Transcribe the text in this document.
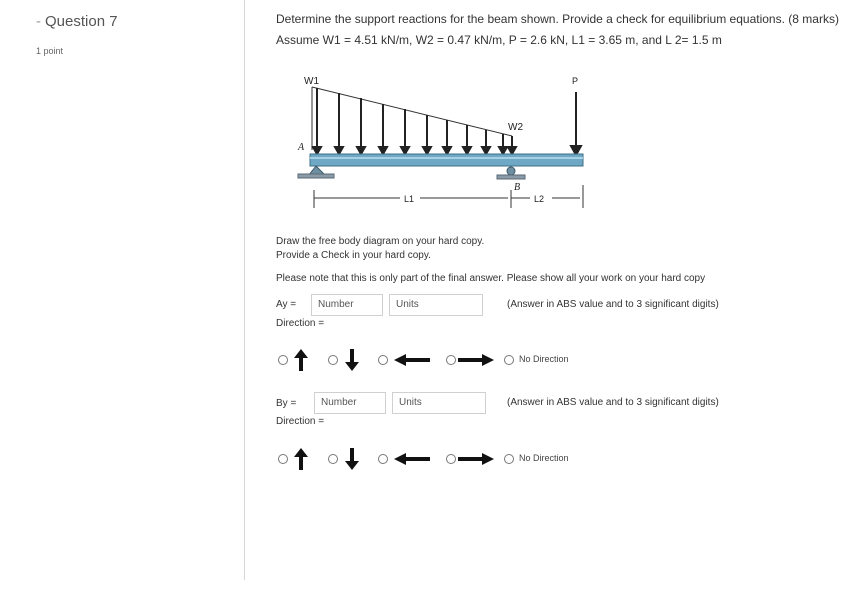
- Question 7
1 point
Determine the support reactions for the beam shown. Provide a check for equilibrium equations. (8 marks)
Assume W1 = 4.51 kN/m, W2 = 0.47 kN/m, P = 2.6 kN, L1 = 3.65 m, and L 2= 1.5 m
W1
W2
P
A
B
L1	L2
Draw the free body diagram on your hard copy.
Provide a Check in your hard copy.
Please note that this is only part of the final answer. Please show all your work on your hard copy
Ay =	Number	Units	(Answer in ABS value and to 3 significant digits)
Direction =
No Direction
By =	Number	Units	(Answer in ABS value and to 3 significant digits)
Direction =
No Direction
